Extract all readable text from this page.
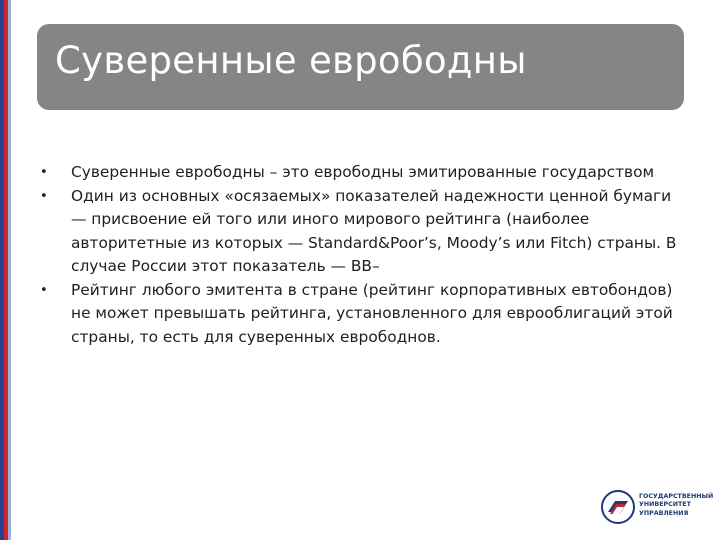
Суверенные еврободны
• Суверенные еврободны – это еврободны эмитированные государством
• Один из основных «осязаемых» показателей надежности ценной бумаги — присвоение ей того или иного мирового рейтинга (наиболее авторитетные из которых — Standard&Poor’s, Moody’s или Fitch) страны. В случае России этот показатель — ВВ–
• Рейтинг любого эмитента в стране (рейтинг корпоративных евтобондов) не может превышать рейтинга, установленного для еврооблигаций этой страны, то есть для суверенных еврободнов.
ГОСУДАРСТВЕННЫЙ
УНИВЕРСИТЕТ
УПРАВЛЕНИЯ
